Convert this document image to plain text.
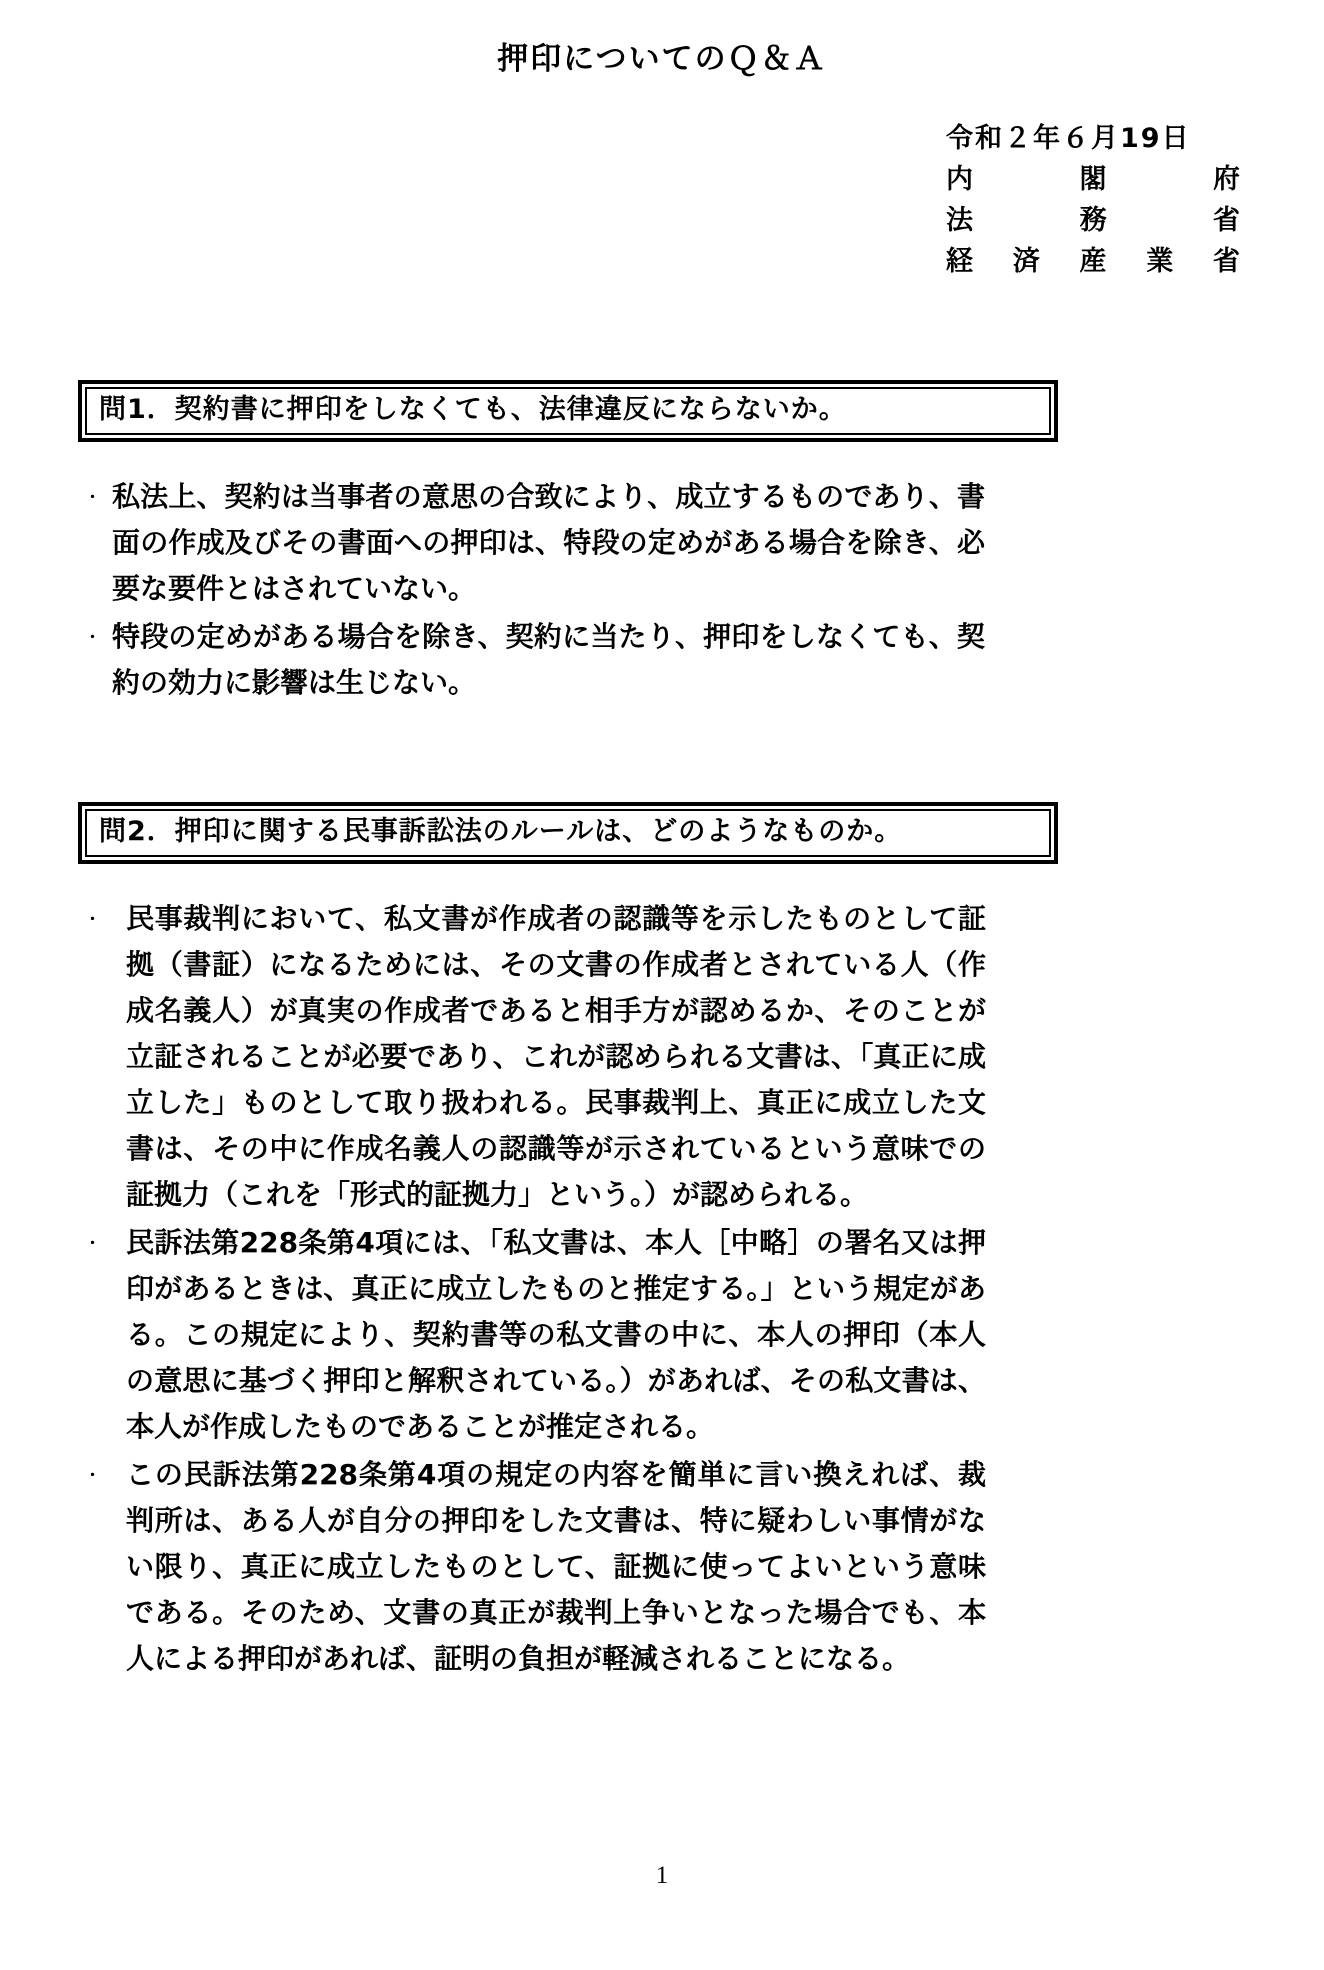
押印についてのＱ＆Ａ
令和２年６月19日
内	閣	府
法	務	省
経 済 産 業 省
問1．契約書に押印をしなくても、法律違反にならないか。
・ 私法上、契約は当事者の意思の合致により、成立するものであり、書面の作成及びその書面への押印は、特段の定めがある場合を除き、必要な要件とはされていない。
・ 特段の定めがある場合を除き、契約に当たり、押印をしなくても、契約の効力に影響は生じない。
問2．押印に関する民事訴訟法のルールは、どのようなものか。
・ 民事裁判において、私文書が作成者の認識等を示したものとして証拠（書証）になるためには、その文書の作成者とされている人（作成名義人）が真実の作成者であると相手方が認めるか、そのことが立証されることが必要であり、これが認められる文書は、「真正に成立した」ものとして取り扱われる。民事裁判上、真正に成立した文書は、その中に作成名義人の認識等が示されているという意味での証拠力（これを「形式的証拠力」という。）が認められる。
・ 民訴法第228条第4項には、「私文書は、本人［中略］の署名又は押印があるときは、真正に成立したものと推定する。」という規定がある。この規定により、契約書等の私文書の中に、本人の押印（本人の意思に基づく押印と解釈されている。）があれば、その私文書は、本人が作成したものであることが推定される。
・ この民訴法第228条第4項の規定の内容を簡単に言い換えれば、裁判所は、ある人が自分の押印をした文書は、特に疑わしい事情がない限り、真正に成立したものとして、証拠に使ってよいという意味である。そのため、文書の真正が裁判上争いとなった場合でも、本人による押印があれば、証明の負担が軽減されることになる。
1
